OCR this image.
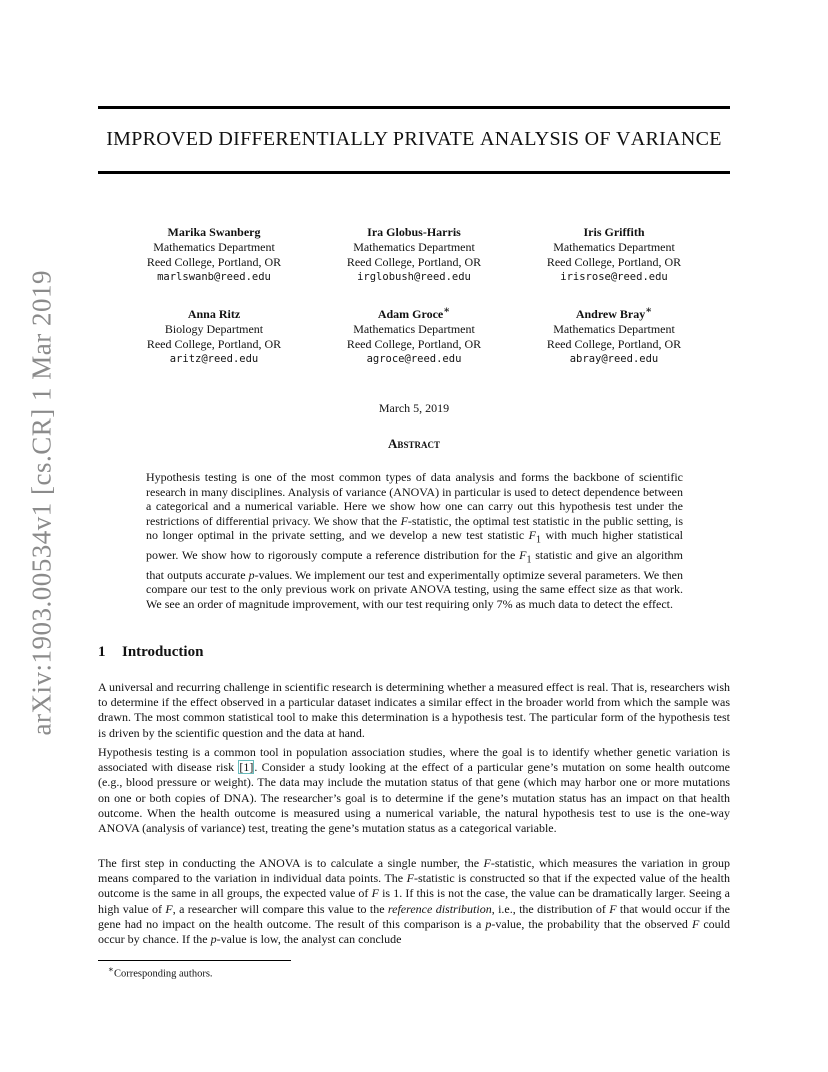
IMPROVED DIFFERENTIALLY PRIVATE ANALYSIS OF VARIANCE
arXiv:1903.00534v1 [cs.CR] 1 Mar 2019
Marika Swanberg
Mathematics Department
Reed College, Portland, OR
marlswanb@reed.edu
Ira Globus-Harris
Mathematics Department
Reed College, Portland, OR
irglobush@reed.edu
Iris Griffith
Mathematics Department
Reed College, Portland, OR
irisrose@reed.edu
Anna Ritz
Biology Department
Reed College, Portland, OR
aritz@reed.edu
Adam Groce∗
Mathematics Department
Reed College, Portland, OR
agroce@reed.edu
Andrew Bray∗
Mathematics Department
Reed College, Portland, OR
abray@reed.edu
March 5, 2019
Abstract
Hypothesis testing is one of the most common types of data analysis and forms the backbone of scientific research in many disciplines. Analysis of variance (ANOVA) in particular is used to detect dependence between a categorical and a numerical variable. Here we show how one can carry out this hypothesis test under the restrictions of differential privacy. We show that the F-statistic, the optimal test statistic in the public setting, is no longer optimal in the private setting, and we develop a new test statistic $F_1$ with much higher statistical power. We show how to rigorously compute a reference distribution for the $F_1$ statistic and give an algorithm that outputs accurate p-values. We implement our test and experimentally optimize several parameters. We then compare our test to the only previous work on private ANOVA testing, using the same effect size as that work. We see an order of magnitude improvement, with our test requiring only 7% as much data to detect the effect.
1 Introduction

A universal and recurring challenge in scientific research is determining whether a measured effect is real. That is, researchers wish to determine if the effect observed in a particular dataset indicates a similar effect in the broader world from which the sample was drawn. The most common statistical tool to make this determination is a hypothesis test. The particular form of the hypothesis test is driven by the scientific question and the data at hand.

Hypothesis testing is a common tool in population association studies, where the goal is to identify whether genetic variation is associated with disease risk [1]. Consider a study looking at the effect of a particular gene’s mutation on some health outcome (e.g., blood pressure or weight). The data may include the mutation status of that gene (which may harbor one or more mutations on one or both copies of DNA). The researcher’s goal is to determine if the gene’s mutation status has an impact on that health outcome. When the health outcome is measured using a numerical variable, the natural hypothesis test to use is the one-way ANOVA (analysis of variance) test, treating the gene’s mutation status as a categorical variable.

The first step in conducting the ANOVA is to calculate a single number, the F-statistic, which measures the variation in group means compared to the variation in individual data points. The F-statistic is constructed so that if the expected value of the health outcome is the same in all groups, the expected value of F is 1. If this is not the case, the value can be dramatically larger. Seeing a high value of F, a researcher will compare this value to the reference distribution, i.e., the distribution of F that would occur if the gene had no impact on the health outcome. The result of this comparison is a p-value, the probability that the observed F could occur by chance. If the p-value is low, the analyst can conclude

∗Corresponding authors.
